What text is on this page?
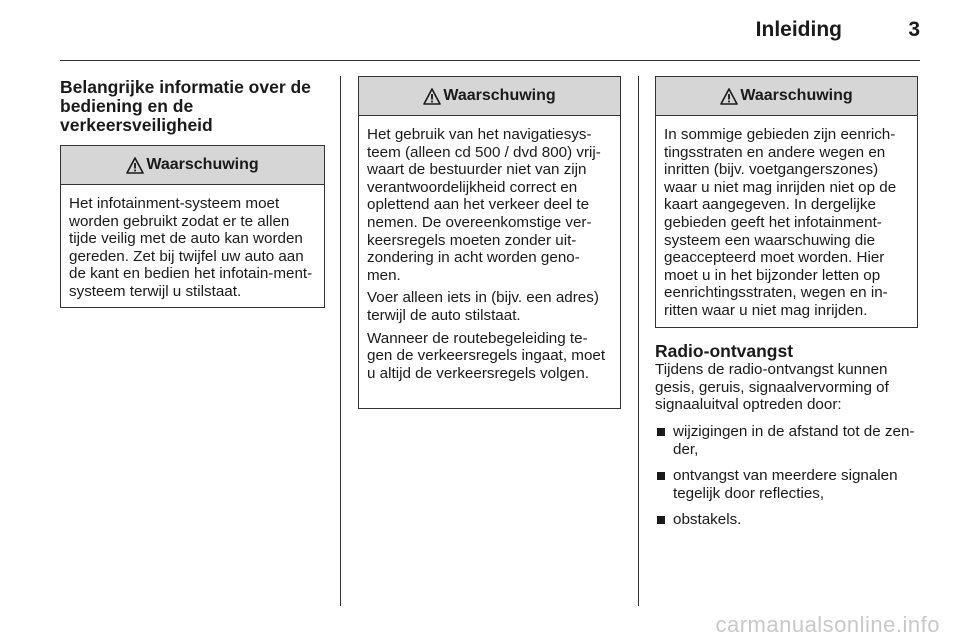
Inleiding	3
Belangrijke informatie over de bediening en de verkeersveiligheid
Waarschuwing

Het infotainment-systeem moet worden gebruikt zodat er te allen tijde veilig met de auto kan worden gereden. Zet bij twijfel uw auto aan de kant en bedien het infotain-ment-systeem terwijl u stilstaat.

Waarschuwing

Het gebruik van het navigatiesys-teem (alleen cd 500 / dvd 800) vrij-waart de bestuurder niet van zijn verantwoordelijkheid correct en oplettend aan het verkeer deel te nemen. De overeenkomstige ver-keersregels moeten zonder uit-zondering in acht worden geno-men.

Voer alleen iets in (bijv. een adres) terwijl de auto stilstaat.

Wanneer de routebegeleiding te-gen de verkeersregels ingaat, moet u altijd de verkeersregels volgen.

Waarschuwing

In sommige gebieden zijn eenrich-tingsstraten en andere wegen en inritten (bijv. voetgangerszones) waar u niet mag inrijden niet op de kaart aangegeven. In dergelijke gebieden geeft het infotainment-systeem een waarschuwing die geaccepteerd moet worden. Hier moet u in het bijzonder letten op eenrichtingsstraten, wegen en in-ritten waar u niet mag inrijden.

Radio-ontvangst

Tijdens de radio-ontvangst kunnen gesis, geruis, signaalvervorming of signaaluitval optreden door:

wijzigingen in de afstand tot de zen-der,
ontvangst van meerdere signalen tegelijk door reflecties,
obstakels.
carmanualsonline.info
